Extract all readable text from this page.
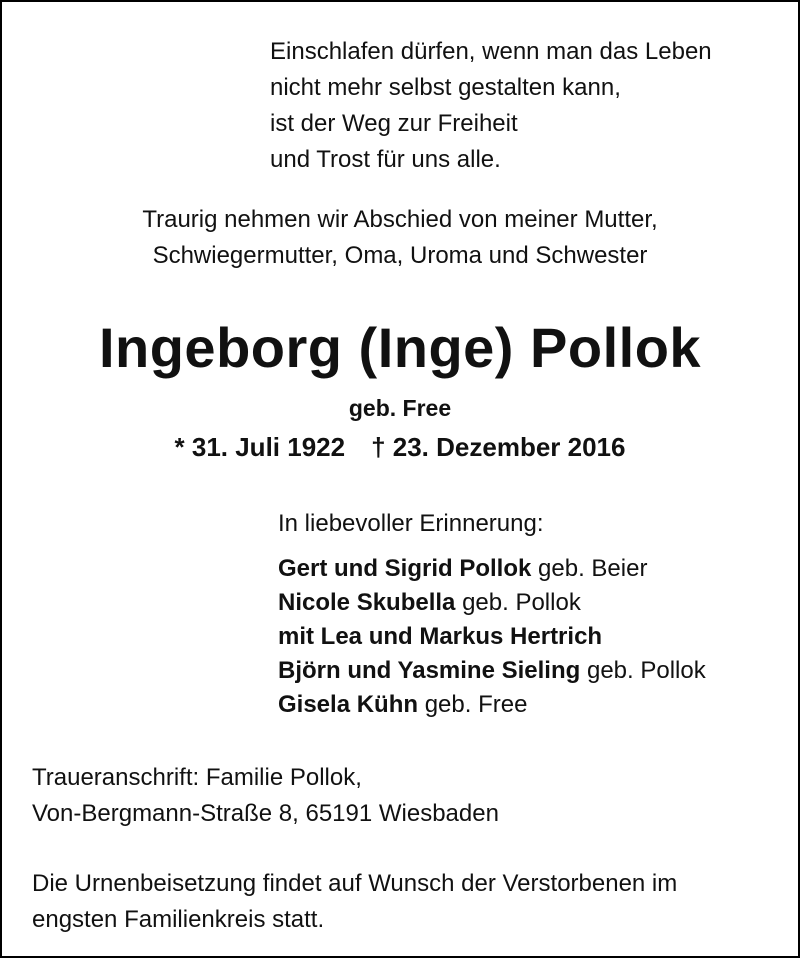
Einschlafen dürfen, wenn man das Leben
nicht mehr selbst gestalten kann,
ist der Weg zur Freiheit
und Trost für uns alle.
Traurig nehmen wir Abschied von meiner Mutter,
Schwiegermutter, Oma, Uroma und Schwester
Ingeborg (Inge) Pollok
geb. Free
* 31. Juli 1922 † 23. Dezember 2016
In liebevoller Erinnerung:
Gert und Sigrid Pollok geb. Beier
Nicole Skubella geb. Pollok
mit Lea und Markus Hertrich
Björn und Yasmine Sieling geb. Pollok
Gisela Kühn geb. Free
Traueranschrift: Familie Pollok,
Von-Bergmann-Straße 8, 65191 Wiesbaden
Die Urnenbeisetzung findet auf Wunsch der Verstorbenen im
engsten Familienkreis statt.
